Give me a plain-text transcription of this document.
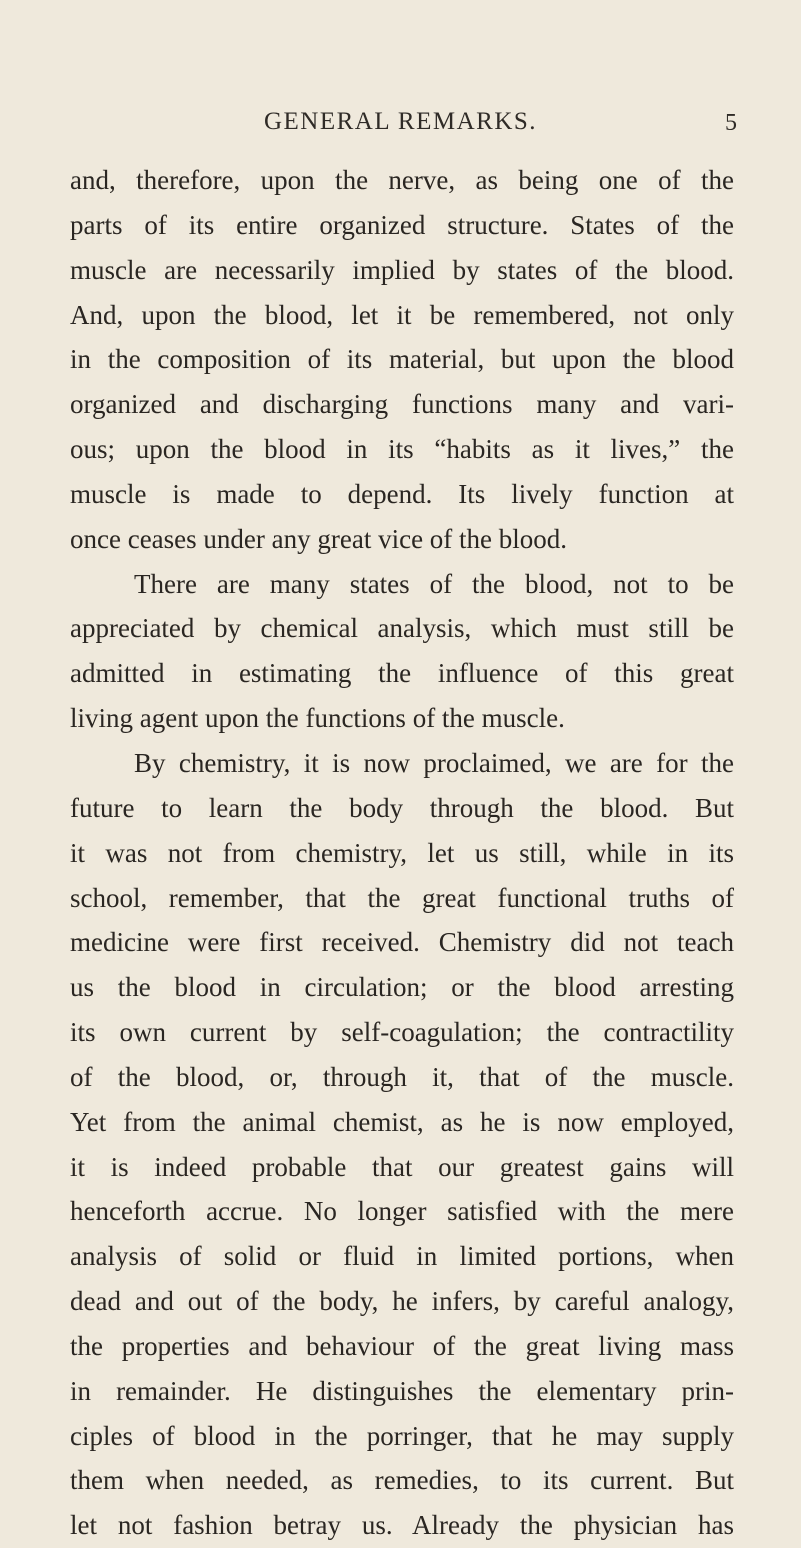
GENERAL REMARKS.	5
and, therefore, upon the nerve, as being one of the
parts of its entire organized structure. States of the
muscle are necessarily implied by states of the blood.
And, upon the blood, let it be remembered, not only
in the composition of its material, but upon the blood
organized and discharging functions many and vari-
ous; upon the blood in its “habits as it lives,” the
muscle is made to depend. Its lively function at
once ceases under any great vice of the blood.
There are many states of the blood, not to be
appreciated by chemical analysis, which must still be
admitted in estimating the influence of this great
living agent upon the functions of the muscle.
By chemistry, it is now proclaimed, we are for the
future to learn the body through the blood. But
it was not from chemistry, let us still, while in its
school, remember, that the great functional truths of
medicine were first received. Chemistry did not teach
us the blood in circulation; or the blood arresting
its own current by self-coagulation; the contractility
of the blood, or, through it, that of the muscle.
Yet from the animal chemist, as he is now employed,
it is indeed probable that our greatest gains will
henceforth accrue. No longer satisfied with the mere
analysis of solid or fluid in limited portions, when
dead and out of the body, he infers, by careful analogy,
the properties and behaviour of the great living mass
in remainder. He distinguishes the elementary prin-
ciples of blood in the porringer, that he may supply
them when needed, as remedies, to its current. But
let not fashion betray us. Already the physician has
